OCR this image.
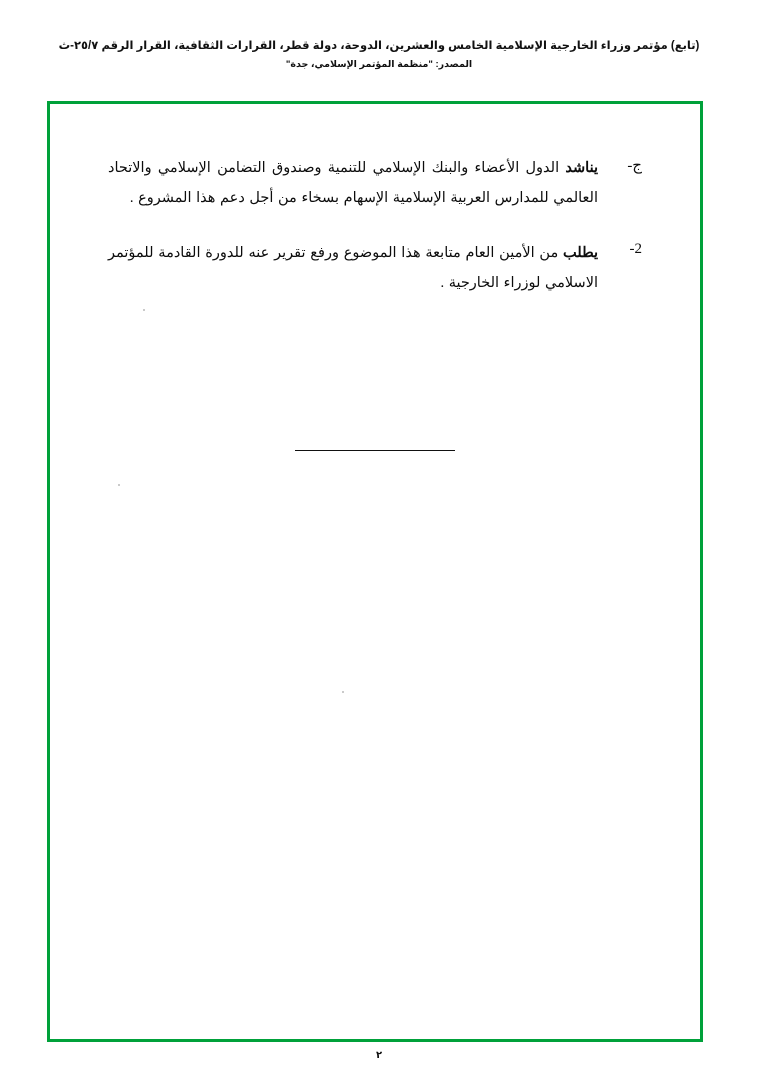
(تابع) مؤتمر وزراء الخارجية الإسلامية الخامس والعشرين، الدوحة، دولة قطر، القرارات الثقافية، القرار الرقم ٢٥/٧-ث
المصدر: "منظمة المؤتمر الإسلامي، جدة"
ج-
يناشد الدول الأعضاء والبنك الإسلامي للتنمية وصندوق التضامن الإسلامي والاتحاد العالمي للمدارس العربية الإسلامية الإسهام بسخاء من أجل دعم هذا المشروع .
2-
يطلب من الأمين العام متابعة هذا الموضوع ورفع تقرير عنه للدورة القادمة للمؤتمر الاسلامي لوزراء الخارجية .
٢
